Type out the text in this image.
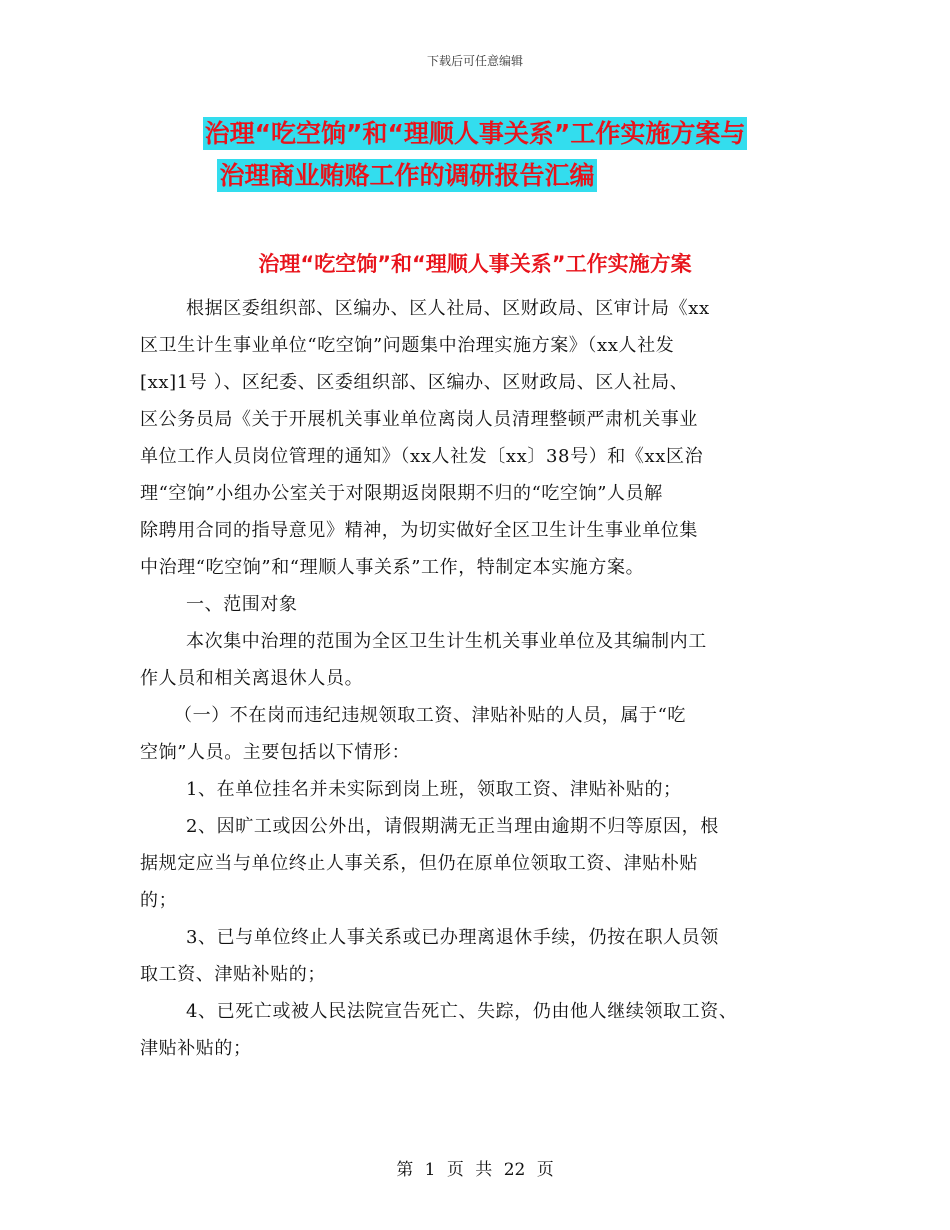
下载后可任意编辑
治理“吃空饷”和“理顺人事关系”工作实施方案与
治理商业贿赂工作的调研报告汇编
治理“吃空饷”和“理顺人事关系”工作实施方案
根据区委组织部、区编办、区人社局、区财政局、区审计局《xx
区卫生计生事业单位“吃空饷”问题集中治理实施方案》（xx人社发
[xx]1号 ）、区纪委、区委组织部、区编办、区财政局、区人社局、
区公务员局《关于开展机关事业单位离岗人员清理整顿严肃机关事业
单位工作人员岗位管理的通知》（xx人社发〔xx〕38号）和《xx区治
理“空饷”小组办公室关于对限期返岗限期不归的“吃空饷”人员解
除聘用合同的指导意见》精神，为切实做好全区卫生计生事业单位集
中治理“吃空饷”和“理顺人事关系”工作，特制定本实施方案。
一、范围对象
本次集中治理的范围为全区卫生计生机关事业单位及其编制内工
作人员和相关离退休人员。
（一）不在岗而违纪违规领取工资、津贴补贴的人员，属于“吃
空饷”人员。主要包括以下情形：
1、在单位挂名并未实际到岗上班，领取工资、津贴补贴的；
2、因旷工或因公外出，请假期满无正当理由逾期不归等原因，根
据规定应当与单位终止人事关系，但仍在原单位领取工资、津贴朴贴
的；
3、已与单位终止人事关系或已办理离退休手续，仍按在职人员领
取工资、津贴补贴的；
4、已死亡或被人民法院宣告死亡、失踪，仍由他人继续领取工资、
津贴补贴的；
第 1 页 共 22 页
